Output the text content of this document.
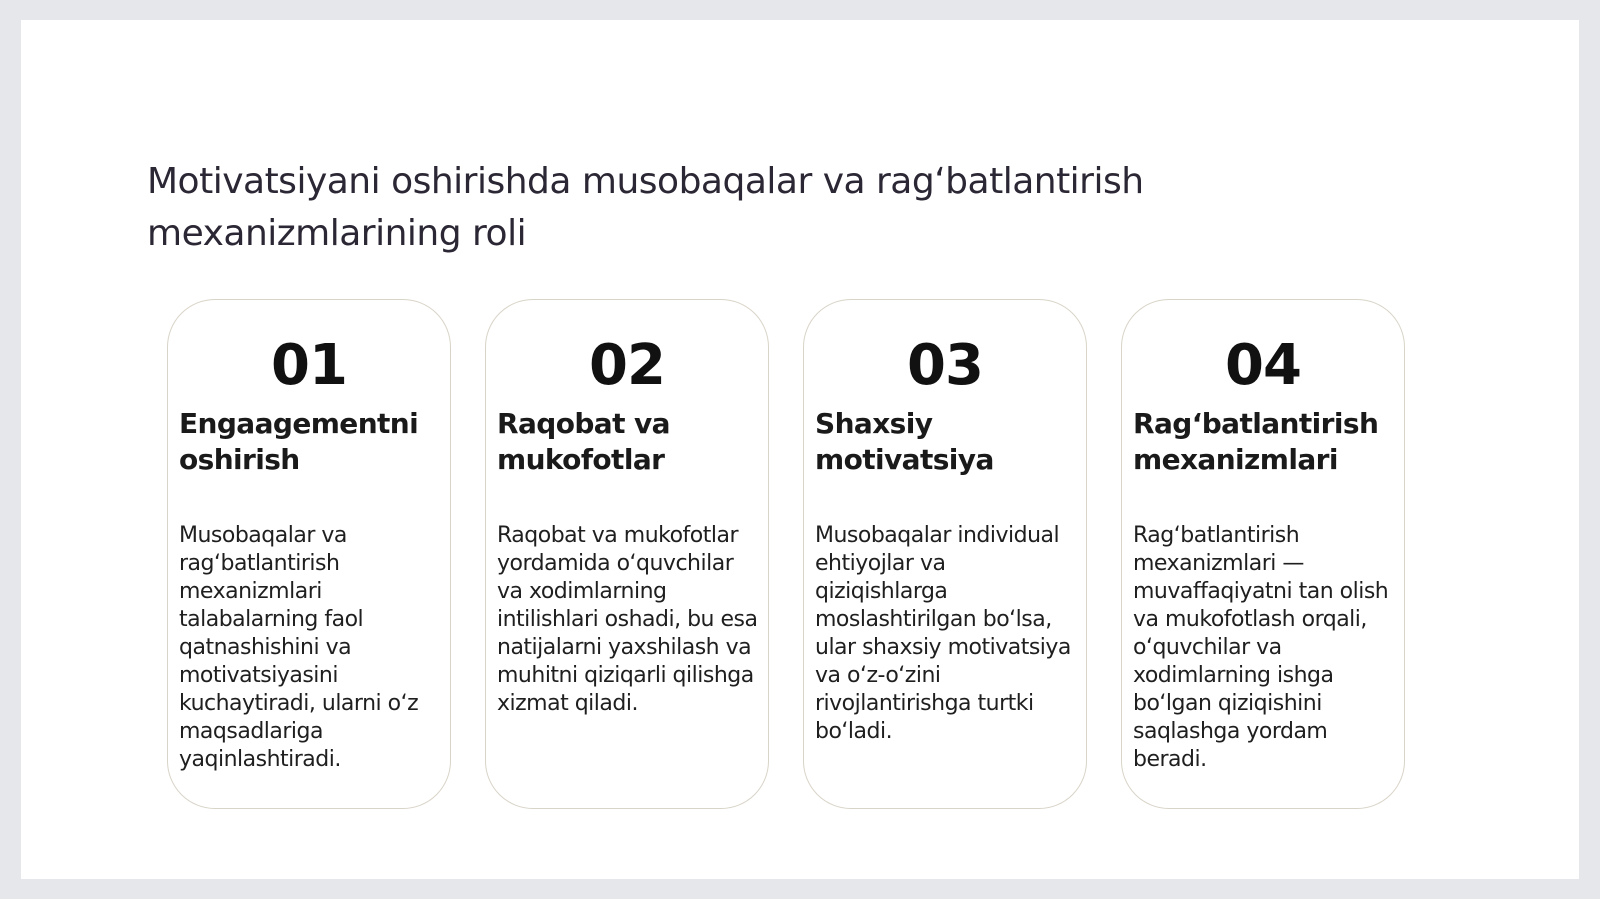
Motivatsiyani oshirishda musobaqalar va rag‘batlantirish mexanizmlarining roli
01
Engaagementni oshirish
Musobaqalar va rag‘batlantirish mexanizmlari talabalarning faol qatnashishini va motivatsiyasini kuchaytiradi, ularni o‘z maqsadlariga yaqinlashtiradi.
02
Raqobat va mukofotlar
Raqobat va mukofotlar yordamida o‘quvchilar va xodimlarning intilishlari oshadi, bu esa natijalarni yaxshilash va muhitni qiziqarli qilishga xizmat qiladi.
03
Shaxsiy motivatsiya
Musobaqalar individual ehtiyojlar va qiziqishlarga moslashtirilgan bo‘lsa, ular shaxsiy motivatsiya va o‘z-o‘zini rivojlantirishga turtki bo‘ladi.
04
Rag‘batlantirish mexanizmlari
Rag‘batlantirish mexanizmlari — muvaffaqiyatni tan olish va mukofotlash orqali, o‘quvchilar va xodimlarning ishga bo‘lgan qiziqishini saqlashga yordam beradi.
